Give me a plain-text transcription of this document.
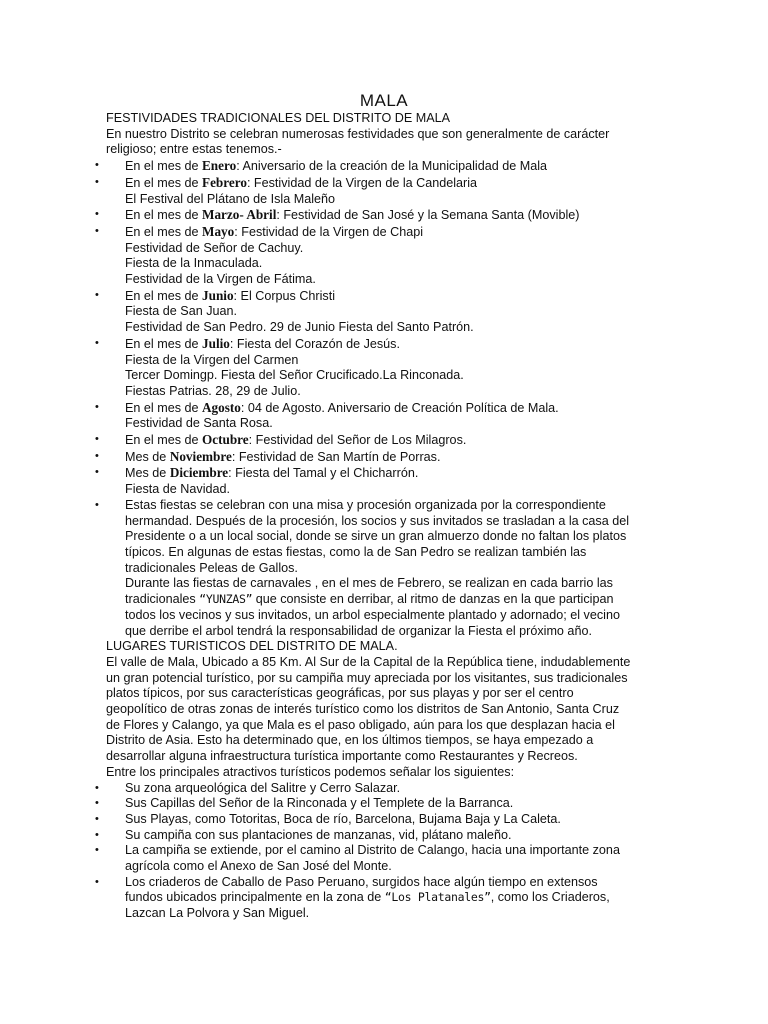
MALA
FESTIVIDADES TRADICIONALES DEL DISTRITO DE MALA
En nuestro Distrito se celebran numerosas festividades que son generalmente de carácter
religioso; entre estas tenemos.-
• En el mes de Enero: Aniversario de la creación de la Municipalidad de Mala
• En el mes de Febrero: Festividad de la Virgen de la Candelaria
El Festival del Plátano de Isla Maleño
• En el mes de Marzo- Abril: Festividad de San José y la Semana Santa (Movible)
• En el mes de Mayo: Festividad de la Virgen de Chapi
Festividad de Señor de Cachuy.
Fiesta de la Inmaculada.
Festividad de la Virgen de Fátima.
• En el mes de Junio: El Corpus Christi
Fiesta de San Juan.
Festividad de San Pedro. 29 de Junio Fiesta del Santo Patrón.
• En el mes de Julio: Fiesta del Corazón de Jesús.
Fiesta de la Virgen del Carmen
Tercer Domingp. Fiesta del Señor Crucificado.La Rinconada.
Fiestas Patrias. 28, 29 de Julio.
• En el mes de Agosto: 04 de Agosto. Aniversario de Creación Política de Mala.
Festividad de Santa Rosa.
• En el mes de Octubre: Festividad del Señor de Los Milagros.
• Mes de Noviembre: Festividad de San Martín de Porras.
• Mes de Diciembre: Fiesta del Tamal y el Chicharrón.
Fiesta de Navidad.
• Estas fiestas se celebran con una misa y procesión organizada por la correspondiente
hermandad. Después de la procesión, los socios y sus invitados se trasladan a la casa del
Presidente o a un local social, donde se sirve un gran almuerzo donde no faltan los platos
típicos. En algunas de estas fiestas, como la de San Pedro se realizan también las
tradicionales Peleas de Gallos.
Durante las fiestas de carnavales , en el mes de Febrero, se realizan en cada barrio las
tradicionales “YUNZAS” que consiste en derribar, al ritmo de danzas en la que participan
todos los vecinos y sus invitados, un arbol especialmente plantado y adornado; el vecino
que derribe el arbol tendrá la responsabilidad de organizar la Fiesta el próximo año.
LUGARES TURISTICOS DEL DISTRITO DE MALA.
El valle de Mala, Ubicado a 85 Km. Al Sur de la Capital de la República tiene, indudablemente
un gran potencial turístico, por su campiña muy apreciada por los visitantes, sus tradicionales
platos típicos, por sus características geográficas, por sus playas y por ser el centro
geopolítico de otras zonas de interés turístico como los distritos de San Antonio, Santa Cruz
de Flores y Calango, ya que Mala es el paso obligado, aún para los que desplazan hacia el
Distrito de Asia. Esto ha determinado que, en los últimos tiempos, se haya empezado a
desarrollar alguna infraestructura turística importante como Restaurantes y Recreos.
Entre los principales atractivos turísticos podemos señalar los siguientes:
• Su zona arqueológica del Salitre y Cerro Salazar.
• Sus Capillas del Señor de la Rinconada y el Templete de la Barranca.
• Sus Playas, como Totoritas, Boca de río, Barcelona, Bujama Baja y La Caleta.
• Su campiña con sus plantaciones de manzanas, vid, plátano maleño.
• La campiña se extiende, por el camino al Distrito de Calango, hacia una importante zona
agrícola como el Anexo de San José del Monte.
• Los criaderos de Caballo de Paso Peruano, surgidos hace algún tiempo en extensos
fundos ubicados principalmente en la zona de “Los Platanales”, como los Criaderos,
Lazcan La Polvora y San Miguel.
